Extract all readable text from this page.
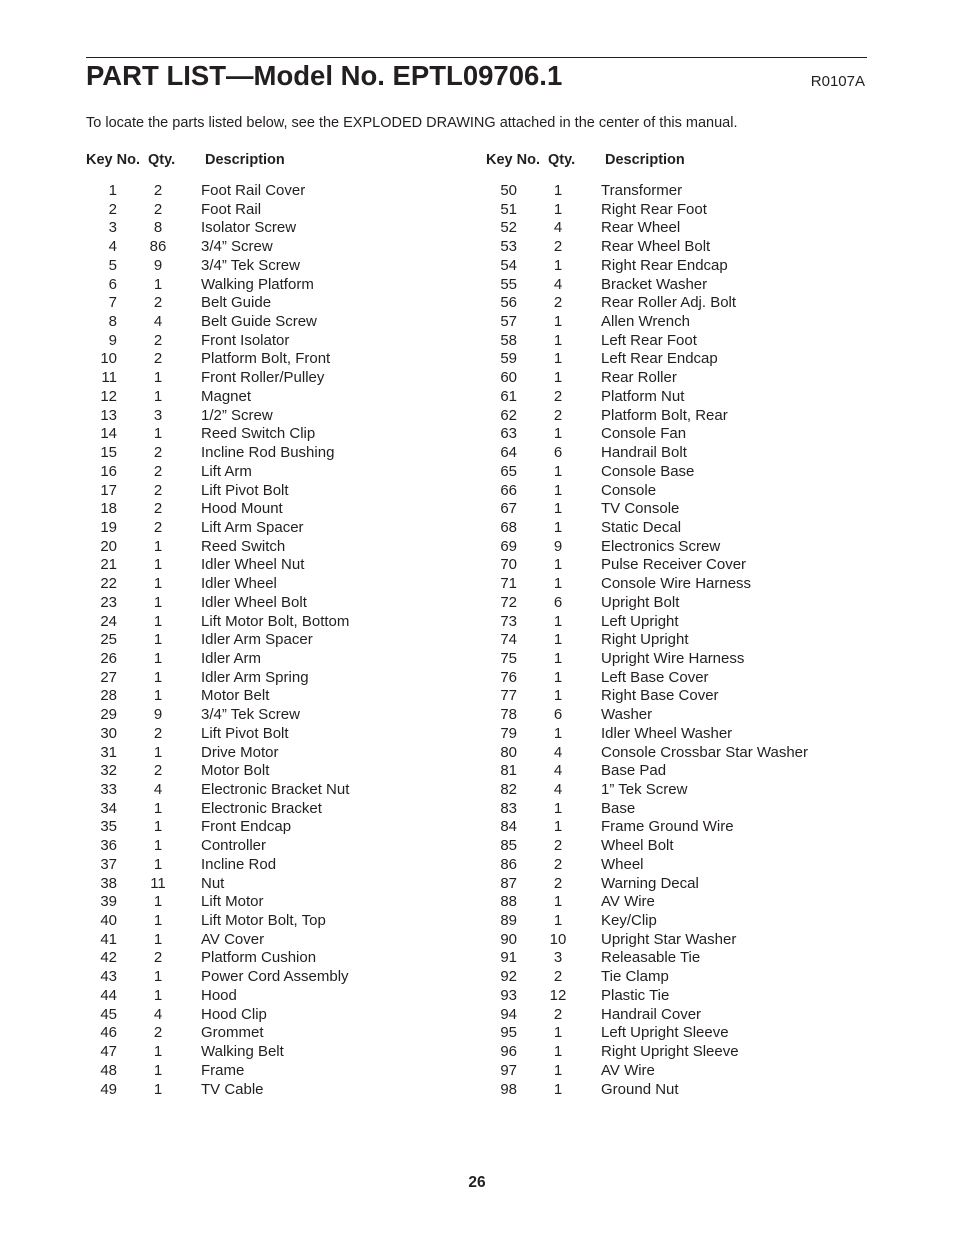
PART LIST—Model No. EPTL09706.1	R0107A
To locate the parts listed below, see the EXPLODED DRAWING attached in the center of this manual.
Key No. Qty. Description
1	2	Foot Rail Cover
2	2	Foot Rail
3	8	Isolator Screw
4	86	3/4” Screw
5	9	3/4” Tek Screw
6	1	Walking Platform
7	2	Belt Guide
8	4	Belt Guide Screw
9	2	Front Isolator
10	2	Platform Bolt, Front
11	1	Front Roller/Pulley
12	1	Magnet
13	3	1/2” Screw
14	1	Reed Switch Clip
15	2	Incline Rod Bushing
16	2	Lift Arm
17	2	Lift Pivot Bolt
18	2	Hood Mount
19	2	Lift Arm Spacer
20	1	Reed Switch
21	1	Idler Wheel Nut
22	1	Idler Wheel
23	1	Idler Wheel Bolt
24	1	Lift Motor Bolt, Bottom
25	1	Idler Arm Spacer
26	1	Idler Arm
27	1	Idler Arm Spring
28	1	Motor Belt
29	9	3/4” Tek Screw
30	2	Lift Pivot Bolt
31	1	Drive Motor
32	2	Motor Bolt
33	4	Electronic Bracket Nut
34	1	Electronic Bracket
35	1	Front Endcap
36	1	Controller
37	1	Incline Rod
38	11	Nut
39	1	Lift Motor
40	1	Lift Motor Bolt, Top
41	1	AV Cover
42	2	Platform Cushion
43	1	Power Cord Assembly
44	1	Hood
45	4	Hood Clip
46	2	Grommet
47	1	Walking Belt
48	1	Frame
49	1	TV Cable
Key No. Qty. Description
50	1	Transformer
51	1	Right Rear Foot
52	4	Rear Wheel
53	2	Rear Wheel Bolt
54	1	Right Rear Endcap
55	4	Bracket Washer
56	2	Rear Roller Adj. Bolt
57	1	Allen Wrench
58	1	Left Rear Foot
59	1	Left Rear Endcap
60	1	Rear Roller
61	2	Platform Nut
62	2	Platform Bolt, Rear
63	1	Console Fan
64	6	Handrail Bolt
65	1	Console Base
66	1	Console
67	1	TV Console
68	1	Static Decal
69	9	Electronics Screw
70	1	Pulse Receiver Cover
71	1	Console Wire Harness
72	6	Upright Bolt
73	1	Left Upright
74	1	Right Upright
75	1	Upright Wire Harness
76	1	Left Base Cover
77	1	Right Base Cover
78	6	Washer
79	1	Idler Wheel Washer
80	4	Console Crossbar Star Washer
81	4	Base Pad
82	4	1” Tek Screw
83	1	Base
84	1	Frame Ground Wire
85	2	Wheel Bolt
86	2	Wheel
87	2	Warning Decal
88	1	AV Wire
89	1	Key/Clip
90	10	Upright Star Washer
91	3	Releasable Tie
92	2	Tie Clamp
93	12	Plastic Tie
94	2	Handrail Cover
95	1	Left Upright Sleeve
96	1	Right Upright Sleeve
97	1	AV Wire
98	1	Ground Nut
26
